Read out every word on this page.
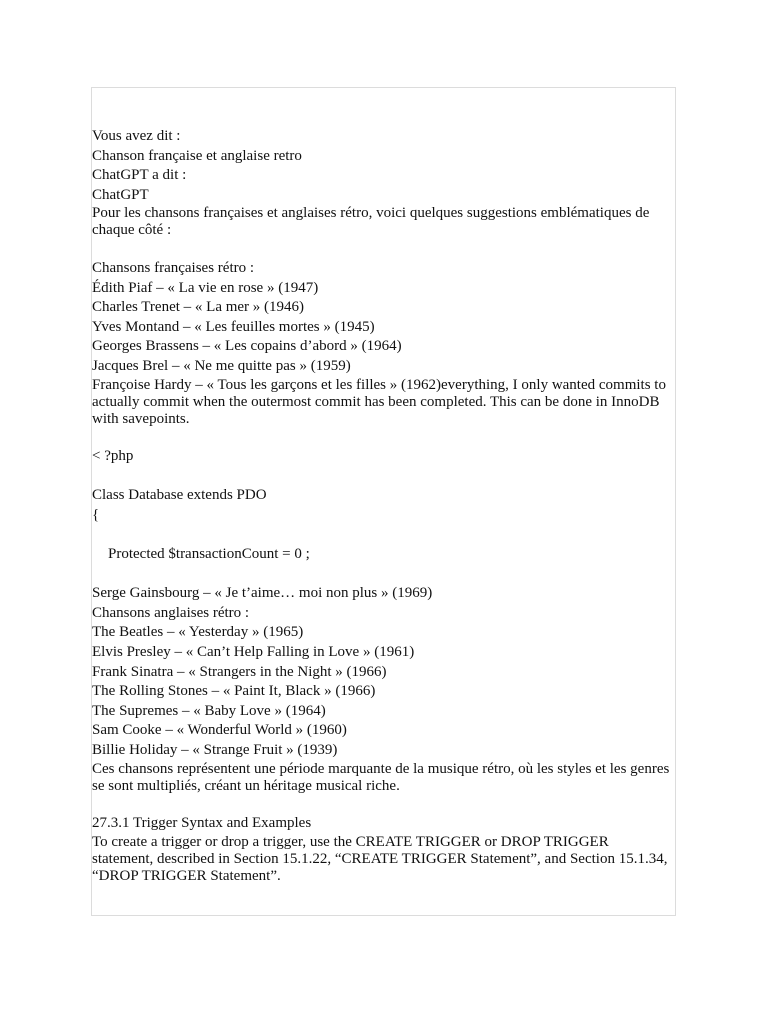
Vous avez dit :
Chanson française et anglaise retro
ChatGPT a dit :
ChatGPT
Pour les chansons françaises et anglaises rétro, voici quelques suggestions emblématiques de chaque côté :
Chansons françaises rétro :
Édith Piaf – « La vie en rose » (1947)
Charles Trenet – « La mer » (1946)
Yves Montand – « Les feuilles mortes » (1945)
Georges Brassens – « Les copains d’abord » (1964)
Jacques Brel – « Ne me quitte pas » (1959)
Françoise Hardy – « Tous les garçons et les filles » (1962)everything, I only wanted commits to actually commit when the outermost commit has been completed. This can be done in InnoDB with savepoints.
< ?php
Class Database extends PDO
{
Protected $transactionCount = 0 ;
Serge Gainsbourg – « Je t’aime… moi non plus » (1969)
Chansons anglaises rétro :
The Beatles – « Yesterday » (1965)
Elvis Presley – « Can’t Help Falling in Love » (1961)
Frank Sinatra – « Strangers in the Night » (1966)
The Rolling Stones – « Paint It, Black » (1966)
The Supremes – « Baby Love » (1964)
Sam Cooke – « Wonderful World » (1960)
Billie Holiday – « Strange Fruit » (1939)
Ces chansons représentent une période marquante de la musique rétro, où les styles et les genres se sont multipliés, créant un héritage musical riche.
27.3.1 Trigger Syntax and Examples
To create a trigger or drop a trigger, use the CREATE TRIGGER or DROP TRIGGER statement, described in Section 15.1.22, “CREATE TRIGGER Statement”, and Section 15.1.34, “DROP TRIGGER Statement”.
